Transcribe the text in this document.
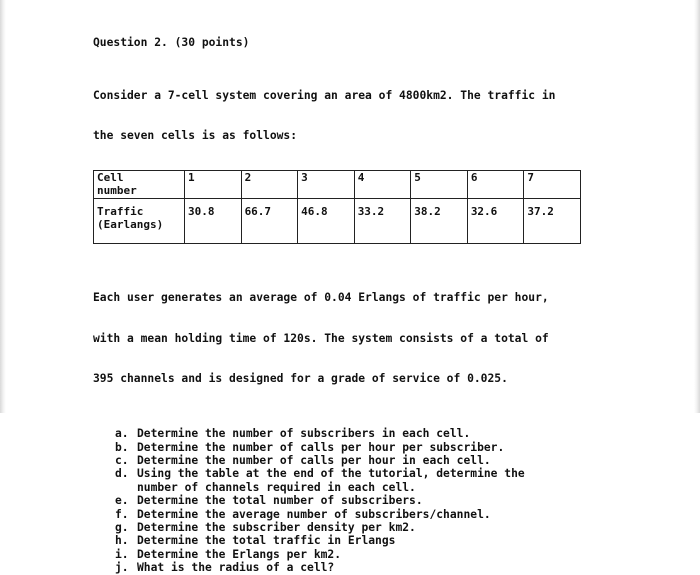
Question 2. (30 points)

Consider a 7-cell system covering an area of 4800km2. The traffic in

the seven cells is as follows:

Cell
number	1	2	3	4	5	6	7
Traffic
(Earlangs)	30.8	66.7	46.8	33.2	38.2	32.6	37.2

Each user generates an average of 0.04 Erlangs of traffic per hour,

with a mean holding time of 120s. The system consists of a total of

395 channels and is designed for a grade of service of 0.025.

a. Determine the number of subscribers in each cell.
b. Determine the number of calls per hour per subscriber.
c. Determine the number of calls per hour in each cell.
d. Using the table at the end of the tutorial, determine the
number of channels required in each cell.
e. Determine the total number of subscribers.
f. Determine the average number of subscribers/channel.
g. Determine the subscriber density per km2.
h. Determine the total traffic in Erlangs
i. Determine the Erlangs per km2.
j. What is the radius of a cell?
